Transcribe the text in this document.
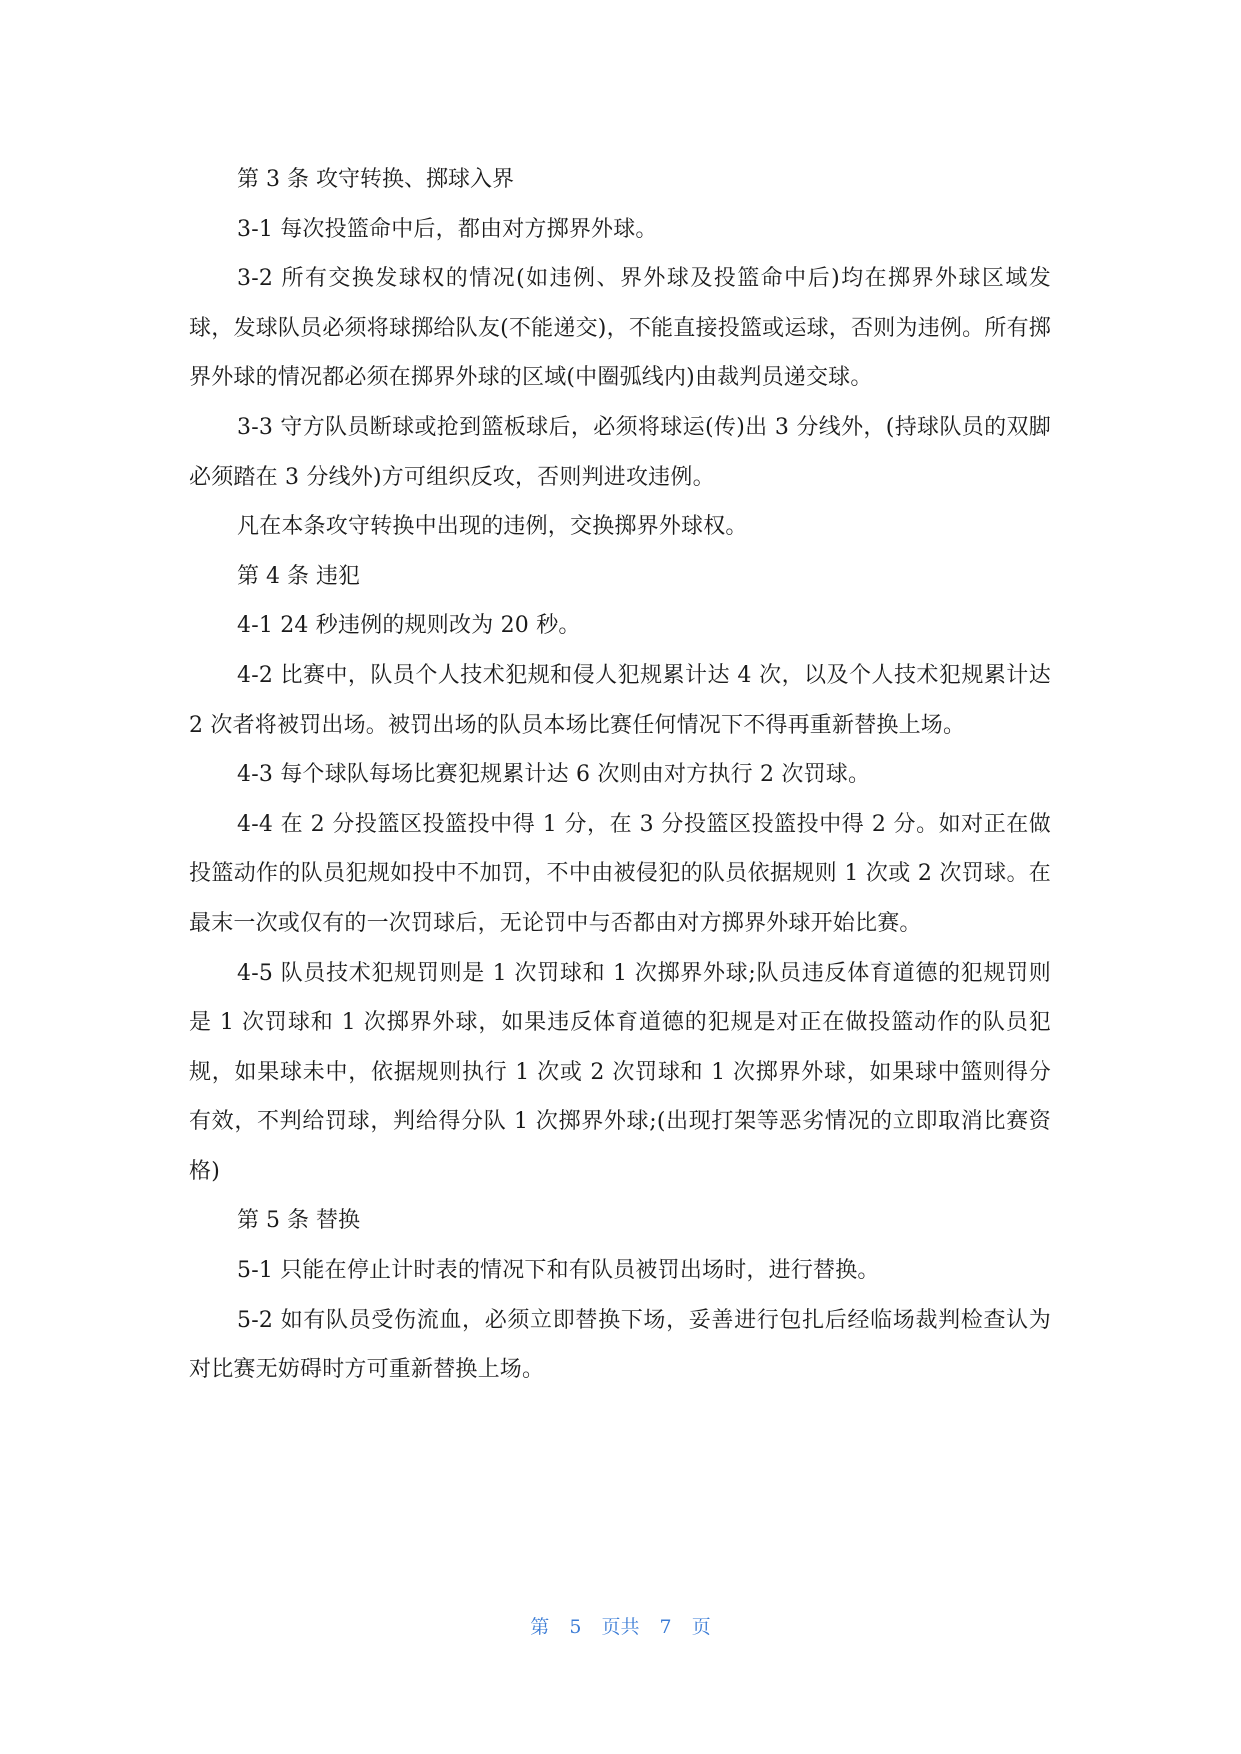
第 3 条 攻守转换、掷球入界

3-1 每次投篮命中后，都由对方掷界外球。

3-2 所有交换发球权的情况(如违例、界外球及投篮命中后)均在掷界外球区域发球，发球队员必须将球掷给队友(不能递交)，不能直接投篮或运球，否则为违例。所有掷界外球的情况都必须在掷界外球的区域(中圈弧线内)由裁判员递交球。

3-3 守方队员断球或抢到篮板球后，必须将球运(传)出 3 分线外，(持球队员的双脚必须踏在 3 分线外)方可组织反攻，否则判进攻违例。

凡在本条攻守转换中出现的违例，交换掷界外球权。

第 4 条 违犯

4-1 24 秒违例的规则改为 20 秒。

4-2 比赛中，队员个人技术犯规和侵人犯规累计达 4 次，以及个人技术犯规累计达 2 次者将被罚出场。被罚出场的队员本场比赛任何情况下不得再重新替换上场。

4-3 每个球队每场比赛犯规累计达 6 次则由对方执行 2 次罚球。

4-4 在 2 分投篮区投篮投中得 1 分，在 3 分投篮区投篮投中得 2 分。如对正在做投篮动作的队员犯规如投中不加罚，不中由被侵犯的队员依据规则 1 次或 2 次罚球。在最末一次或仅有的一次罚球后，无论罚中与否都由对方掷界外球开始比赛。

4-5 队员技术犯规罚则是 1 次罚球和 1 次掷界外球;队员违反体育道德的犯规罚则是 1 次罚球和 1 次掷界外球，如果违反体育道德的犯规是对正在做投篮动作的队员犯规，如果球未中，依据规则执行 1 次或 2 次罚球和 1 次掷界外球，如果球中篮则得分有效，不判给罚球，判给得分队 1 次掷界外球;(出现打架等恶劣情况的立即取消比赛资格)

第 5 条 替换

5-1 只能在停止计时表的情况下和有队员被罚出场时，进行替换。

5-2 如有队员受伤流血，必须立即替换下场，妥善进行包扎后经临场裁判检查认为对比赛无妨碍时方可重新替换上场。

第 5 页共 7 页
